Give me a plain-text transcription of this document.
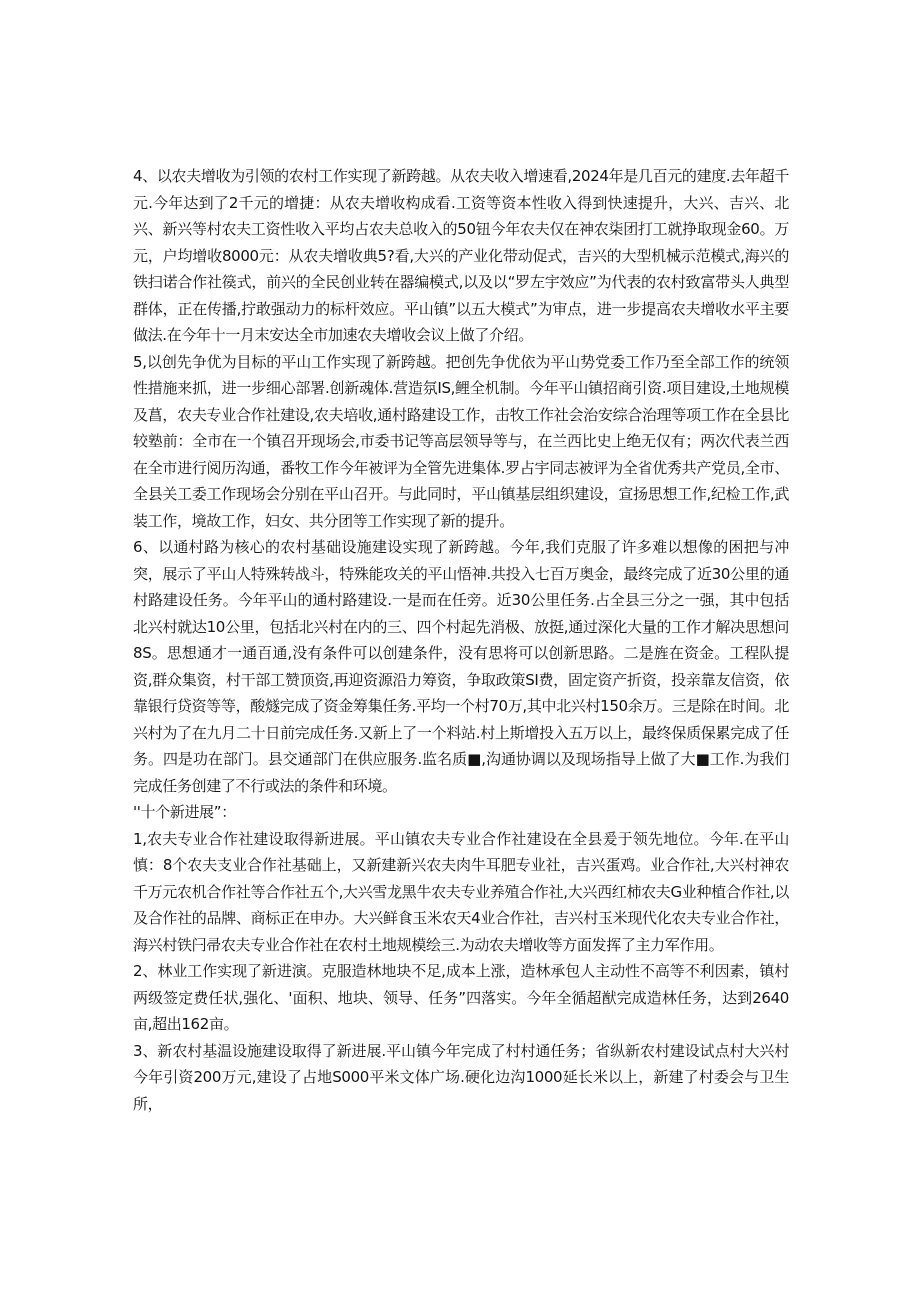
4、以农夫增收为引领的农村工作实现了新跨越。从农夫收入增速看,2024年是几百元的建度.去年超千元.今年达到了2千元的增捷：从农夫增收构成看.工资等资本性收入得到快速提升，大兴、吉兴、北兴、新兴等村农夫工资性收入平均占农夫总收入的50钮今年农夫仅在神农柒团打工就挣取现金60。万元，户均增收8000元：从农夫增收典5?看,大兴的产业化带动促式，吉兴的大型机械示范模式,海兴的铁扫诺合作社篌式，前兴的全民创业转在器编模式,以及以“罗左宇效应”为代表的农村致富带头人典型群体，正在传播,拧敢强动力的标杆效应。平山镇”以五大模式”为审点，进一步提高农夫增收水平主要做法.在今年十一月末安达全市加速农夫增收会议上做了介绍。

5,以创先争优为目标的平山工作实现了新跨越。把创先争优依为平山势党委工作乃至全部工作的统领性措施来抓，进一步细心部署.创新魂体.营造氛IS,鲤全机制。今年平山镇招商引资.项目建设,土地规模及菖，农夫专业合作社建设,农夫培收,通村路建设工作，击牧工作社会治安综合治理等项工作在全县比较塾前：全市在一个镇召开现场会,市委书记等高层领导等与，在兰西比史上绝无仅有；两次代表兰西在全市进行阅历沟通，番牧工作今年被评为全管先进集体.罗占宇同志被评为全省优秀共产党员,全市、全县关工委工作现场会分别在平山召开。与此同时，平山镇基层组织建设，宣扬思想工作,纪检工作,武装工作，境故工作，妇女、共分团等工作实现了新的提升。

6、以通村路为核心的农村基础设施建设实现了新跨越。今年,我们克服了许多难以想像的困把与冲突，展示了平山人特殊转战斗，特殊能攻关的平山悟神.共投入七百万奥金，最终完成了近30公里的通村路建设任务。今年平山的通村路建设.一是而在任旁。近30公里任务.占全县三分之一强，其中包括北兴村就达10公里，包括北兴村在内的三、四个村起先消极、放挺,通过深化大量的工作才解决思想问8S。思想通才一通百通,没有条件可以创建条件，没有思将可以创新思路。二是旌在资金。工程队提资,群众集资，村干部工赞顶资,再迎资源沿力筹资，争取政策SI费，固定资产折资，投亲靠友信资，依靠银行贷资等等，酸燧完成了资金筹集任务.平均一个村70万,其中北兴村150余万。三是除在时间。北兴村为了在九月二十日前完成任务.又新上了一个料站.村上斯增投入五万以上，最终保质保累完成了任务。四是功在部门。县交通部门在供应服务.监名质■,沟通协调以及现场指导上做了大■工作.为我们完成任务创建了不行或法的条件和环境。

''十个新进展”：

1,农夫专业合作社建设取得新进展。平山镇农夫专业合作社建设在全县爰于领先地位。今年.在平山慎：8个农夫支业合作社基础上，又新建新兴农夫肉牛耳肥专业社，吉兴蛋鸡。业合作社,大兴村神农千万元农机合作社等合作社五个,大兴雪龙黑牛农夫专业养殖合作社,大兴西红柿农夫G业种植合作社,以及合作社的品牌、商标正在申办。大兴鲜食玉米农天4业合作社，吉兴村玉米现代化农夫专业合作社，海兴村铁闩帚农夫专业合作社在农村土地规模绘三.为动农夫增收等方面发挥了主力军作用。

2、林业工作实现了新进演。克服造林地块不足,成本上涨，造林承包人主动性不高等不利因素，镇村两级签定费任状,强化、'面积、地块、领导、任务”四落实。今年全循超猷完成造林任务，达到2640亩,超出162亩。

3、新农村基温设施建设取得了新进展.平山镇今年完成了村村通任务；省纵新农村建设试点村大兴村今年引资200万元,建设了占地S000平米文体广场.硬化边沟1000延长米以上，新建了村委会与卫生所，
